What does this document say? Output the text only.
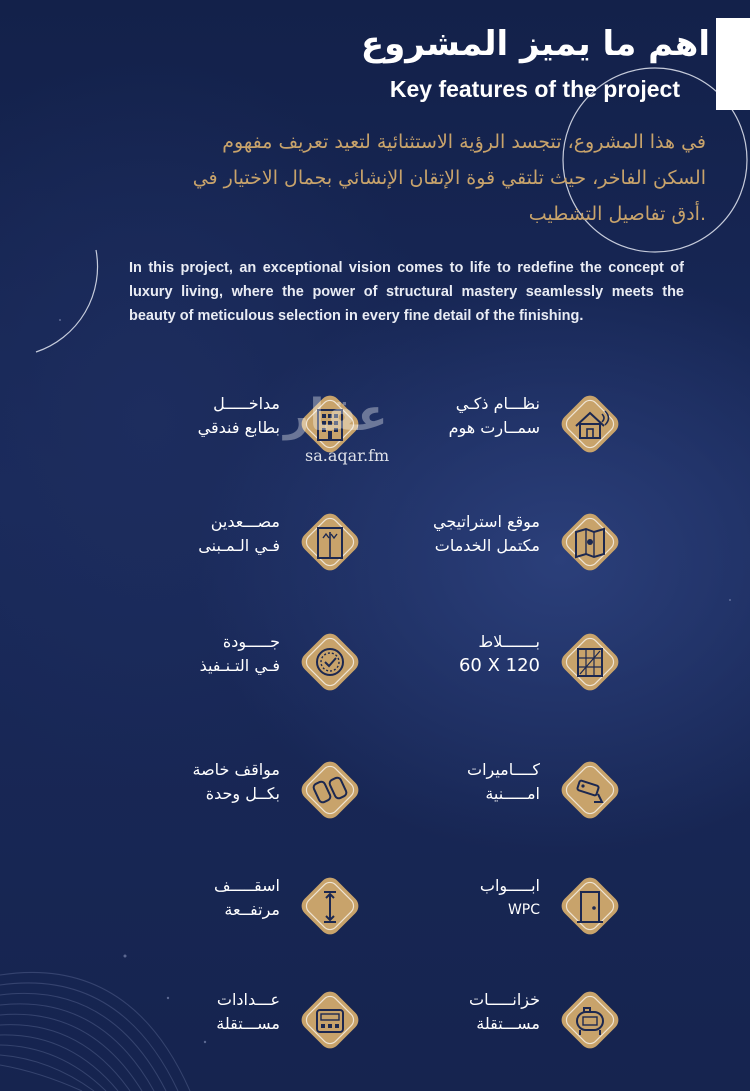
اهم ما يميز المشروع
Key features of the project
في هذا المشروع، تتجسد الرؤية الاستثنائية لتعيد تعريف مفهوم
السكن الفاخر، حيث تلتقي قوة الإتقان الإنشائي بجمال الاختيار في
.أدق تفاصيل التشطيب
In this project, an exceptional vision comes to life to redefine the concept of luxury living, where the power of structural mastery seamlessly meets the beauty of meticulous selection in every fine detail of the finishing.
نظـــام ذكـي
سمــارت هوم
مداخـــــل
بطابع فندقي
موقع استراتيجي
مكتمل الخدمات
مصـــعدين
فـي الـمـبنى
بـــــــلاط
60 X 120
جـــــودة
فـي التـنـفيذ
كــــاميرات
امـــــنية
مواقف خاصة
بكــل وحدة
ابـــــواب
WPC
اسقـــــف
مرتفــعة
خزانـــــات
مســـتقلة
عـــدادات
مســـتقلة
عقار
sa.aqar.fm
